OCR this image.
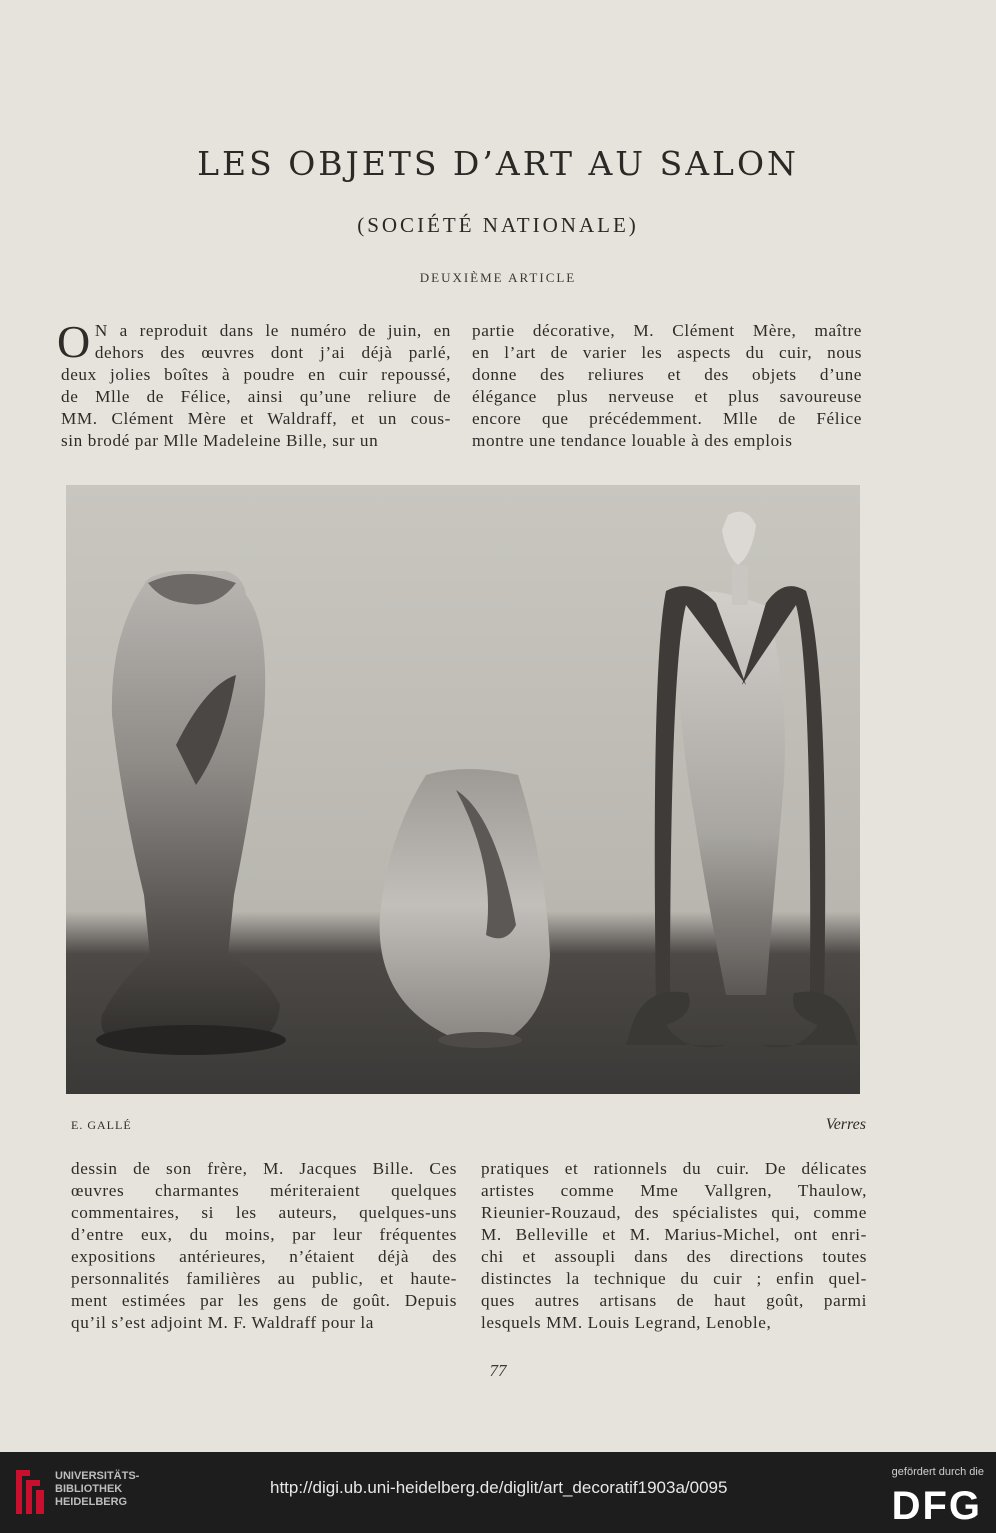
LES OBJETS D’ART AU SALON
(SOCIÉTÉ NATIONALE)
DEUXIÈME ARTICLE
O N a reproduit dans le numéro de juin, en
dehors des œuvres dont j’ai déjà parlé,
deux jolies boîtes à poudre en cuir repoussé,
de Mlle de Félice, ainsi qu’une reliure de
MM. Clément Mère et Waldraff, et un cous-
sin brodé par Mlle Madeleine Bille, sur un
partie décorative, M. Clément Mère, maître
en l’art de varier les aspects du cuir, nous
donne des reliures et des objets d’une
élégance plus nerveuse et plus savoureuse
encore que précédemment. Mlle de Félice
montre une tendance louable à des emplois
E. GALLÉ	Verres
dessin de son frère, M. Jacques Bille. Ces
œuvres charmantes mériteraient quelques
commentaires, si les auteurs, quelques-uns
d’entre eux, du moins, par leur fréquentes
expositions antérieures, n’étaient déjà des
personnalités familières au public, et haute-
ment estimées par les gens de goût. Depuis
qu’il s’est adjoint M. F. Waldraff pour la
pratiques et rationnels du cuir. De délicates
artistes comme Mme Vallgren, Thaulow,
Rieunier-Rouzaud, des spécialistes qui, comme
M. Belleville et M. Marius-Michel, ont enri-
chi et assoupli dans des directions toutes
distinctes la technique du cuir ; enfin quel-
ques autres artisans de haut goût, parmi
lesquels MM. Louis Legrand, Lenoble,
77
UNIVERSITÄTS-
BIBLIOTHEK
HEIDELBERG
http://digi.ub.uni-heidelberg.de/diglit/art_decoratif1903a/0095
gefördert durch die
DFG
